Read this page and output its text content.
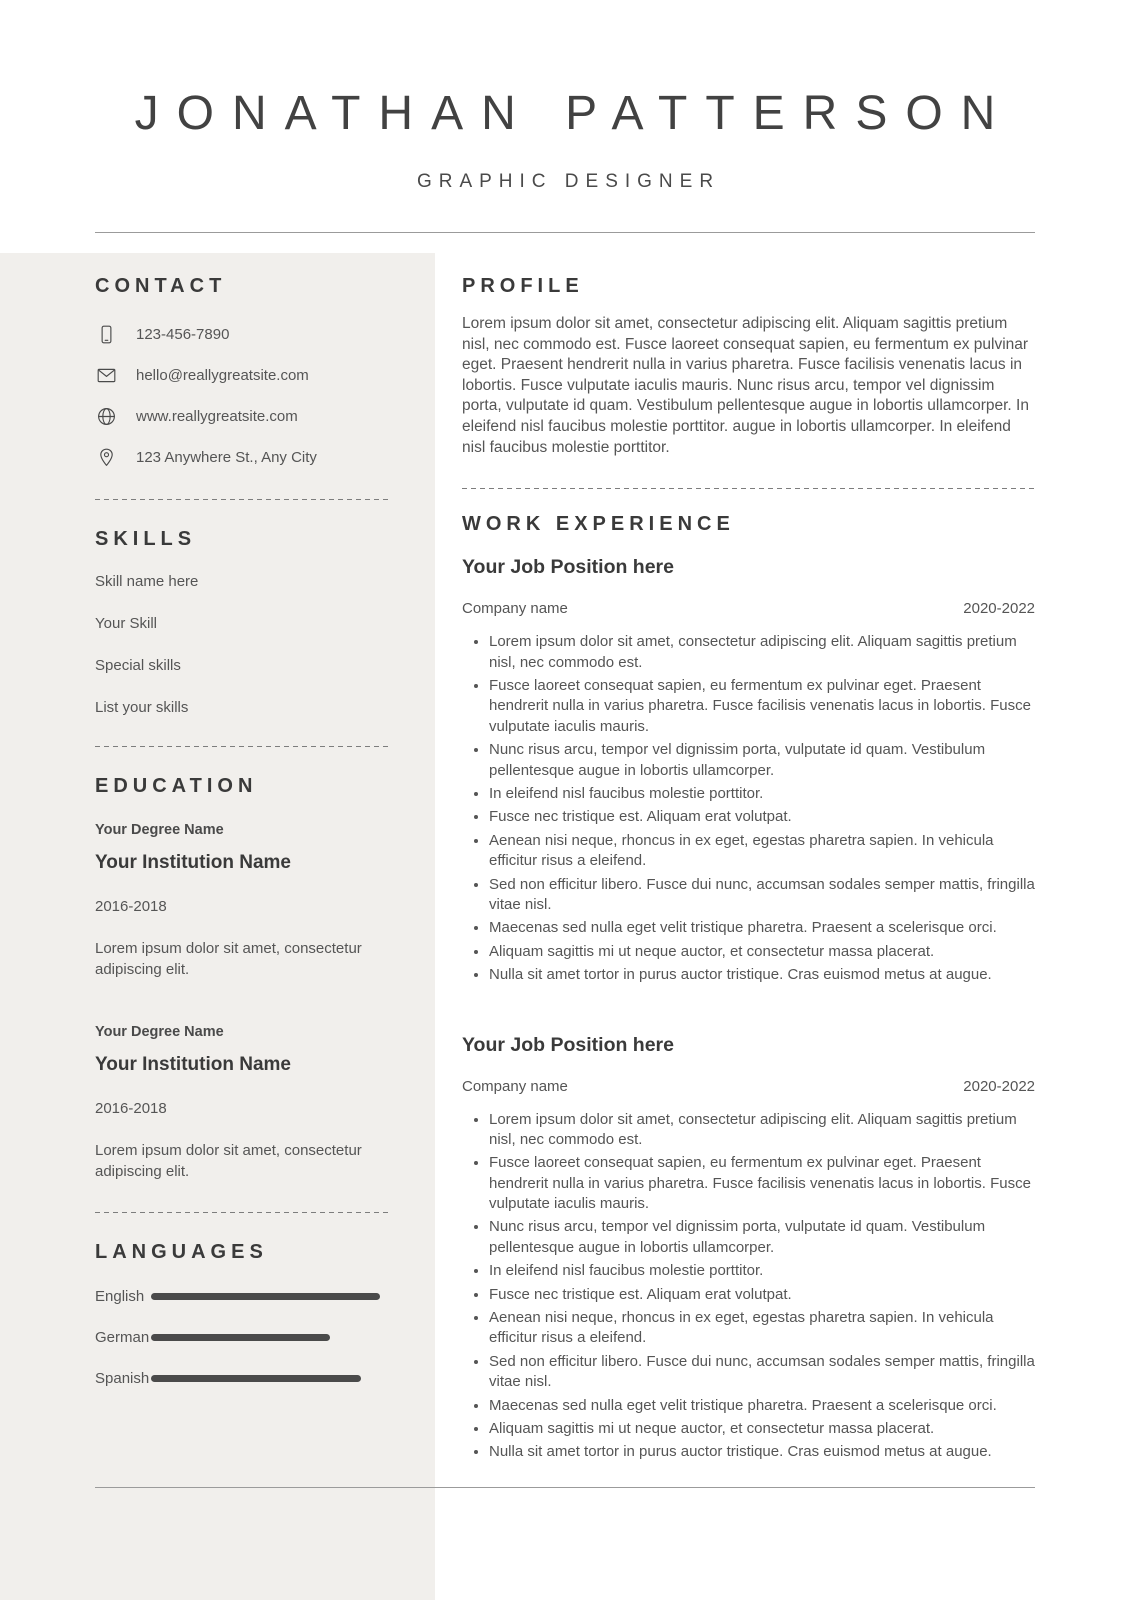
JONATHAN PATTERSON
GRAPHIC DESIGNER
CONTACT
123-456-7890
hello@reallygreatsite.com
www.reallygreatsite.com
123 Anywhere St., Any City
SKILLS
Skill name here
Your Skill
Special skills
List your skills
EDUCATION
Your Degree Name
Your Institution Name
2016-2018
Lorem ipsum dolor sit amet, consectetur adipiscing elit.
Your Degree Name
Your Institution Name
2016-2018
Lorem ipsum dolor sit amet, consectetur adipiscing elit.
LANGUAGES
English
German
Spanish
PROFILE

Lorem ipsum dolor sit amet, consectetur adipiscing elit. Aliquam sagittis pretium nisl, nec commodo est. Fusce laoreet consequat sapien, eu fermentum ex pulvinar eget. Praesent hendrerit nulla in varius pharetra. Fusce facilisis venenatis lacus in lobortis. Fusce vulputate iaculis mauris. Nunc risus arcu, tempor vel dignissim porta, vulputate id quam. Vestibulum pellentesque augue in lobortis ullamcorper. In eleifend nisl faucibus molestie porttitor. augue in lobortis ullamcorper. In eleifend nisl faucibus molestie porttitor.

WORK EXPERIENCE
Your Job Position here
Company name	2020-2022
• Lorem ipsum dolor sit amet, consectetur adipiscing elit. Aliquam sagittis pretium nisl, nec commodo est.
• Fusce laoreet consequat sapien, eu fermentum ex pulvinar eget. Praesent hendrerit nulla in varius pharetra. Fusce facilisis venenatis lacus in lobortis. Fusce vulputate iaculis mauris.
• Nunc risus arcu, tempor vel dignissim porta, vulputate id quam. Vestibulum pellentesque augue in lobortis ullamcorper.
• In eleifend nisl faucibus molestie porttitor.
• Fusce nec tristique est. Aliquam erat volutpat.
• Aenean nisi neque, rhoncus in ex eget, egestas pharetra sapien. In vehicula efficitur risus a eleifend.
• Sed non efficitur libero. Fusce dui nunc, accumsan sodales semper mattis, fringilla vitae nisl.
• Maecenas sed nulla eget velit tristique pharetra. Praesent a scelerisque orci.
• Aliquam sagittis mi ut neque auctor, et consectetur massa placerat.
• Nulla sit amet tortor in purus auctor tristique. Cras euismod metus at augue.
Your Job Position here
Company name	2020-2022
• Lorem ipsum dolor sit amet, consectetur adipiscing elit. Aliquam sagittis pretium nisl, nec commodo est.
• Fusce laoreet consequat sapien, eu fermentum ex pulvinar eget. Praesent hendrerit nulla in varius pharetra. Fusce facilisis venenatis lacus in lobortis. Fusce vulputate iaculis mauris.
• Nunc risus arcu, tempor vel dignissim porta, vulputate id quam. Vestibulum pellentesque augue in lobortis ullamcorper.
• In eleifend nisl faucibus molestie porttitor.
• Fusce nec tristique est. Aliquam erat volutpat.
• Aenean nisi neque, rhoncus in ex eget, egestas pharetra sapien. In vehicula efficitur risus a eleifend.
• Sed non efficitur libero. Fusce dui nunc, accumsan sodales semper mattis, fringilla vitae nisl.
• Maecenas sed nulla eget velit tristique pharetra. Praesent a scelerisque orci.
• Aliquam sagittis mi ut neque auctor, et consectetur massa placerat.
• Nulla sit amet tortor in purus auctor tristique. Cras euismod metus at augue.
